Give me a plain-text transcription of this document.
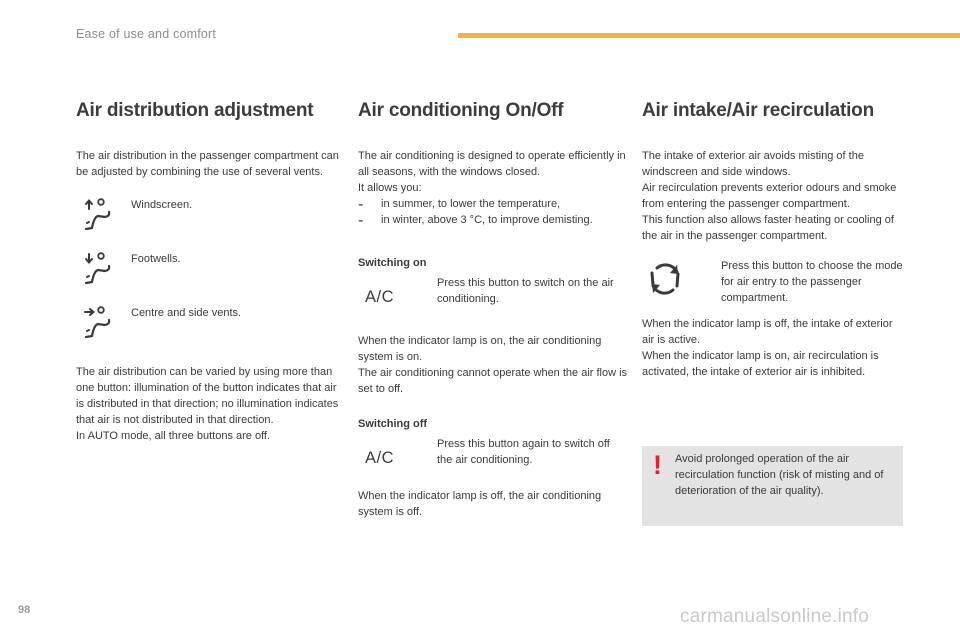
Ease of use and comfort
Air distribution adjustment

The air distribution in the passenger compartment can be adjusted by combining the use of several vents.

Windscreen.
Footwells.
Centre and side vents.

The air distribution can be varied by using more than one button: illumination of the button indicates that air is distributed in that direction; no illumination indicates that air is not distributed in that direction.

In AUTO mode, all three buttons are off.

Air conditioning On/Off

The air conditioning is designed to operate efficiently in all seasons, with the windows closed.

It allows you:

- in summer, to lower the temperature,

- in winter, above 3 °C, to improve demisting.

Switching on
A/C

Press this button to switch on the air conditioning.

When the indicator lamp is on, the air conditioning system is on.

The air conditioning cannot operate when the air flow is set to off.

Switching off
A/C

Press this button again to switch off the air conditioning.

When the indicator lamp is off, the air conditioning system is off.

Air intake/Air recirculation

The intake of exterior air avoids misting of the windscreen and side windows.

Air recirculation prevents exterior odours and smoke from entering the passenger compartment.

This function also allows faster heating or cooling of the air in the passenger compartment.

Press this button to choose the mode for air entry to the passenger compartment.

When the indicator lamp is off, the intake of exterior air is active.

When the indicator lamp is on, air recirculation is activated, the intake of exterior air is inhibited.

! Avoid prolonged operation of the air recirculation function (risk of misting and of deterioration of the air quality).

98	carmanualsonline.info
